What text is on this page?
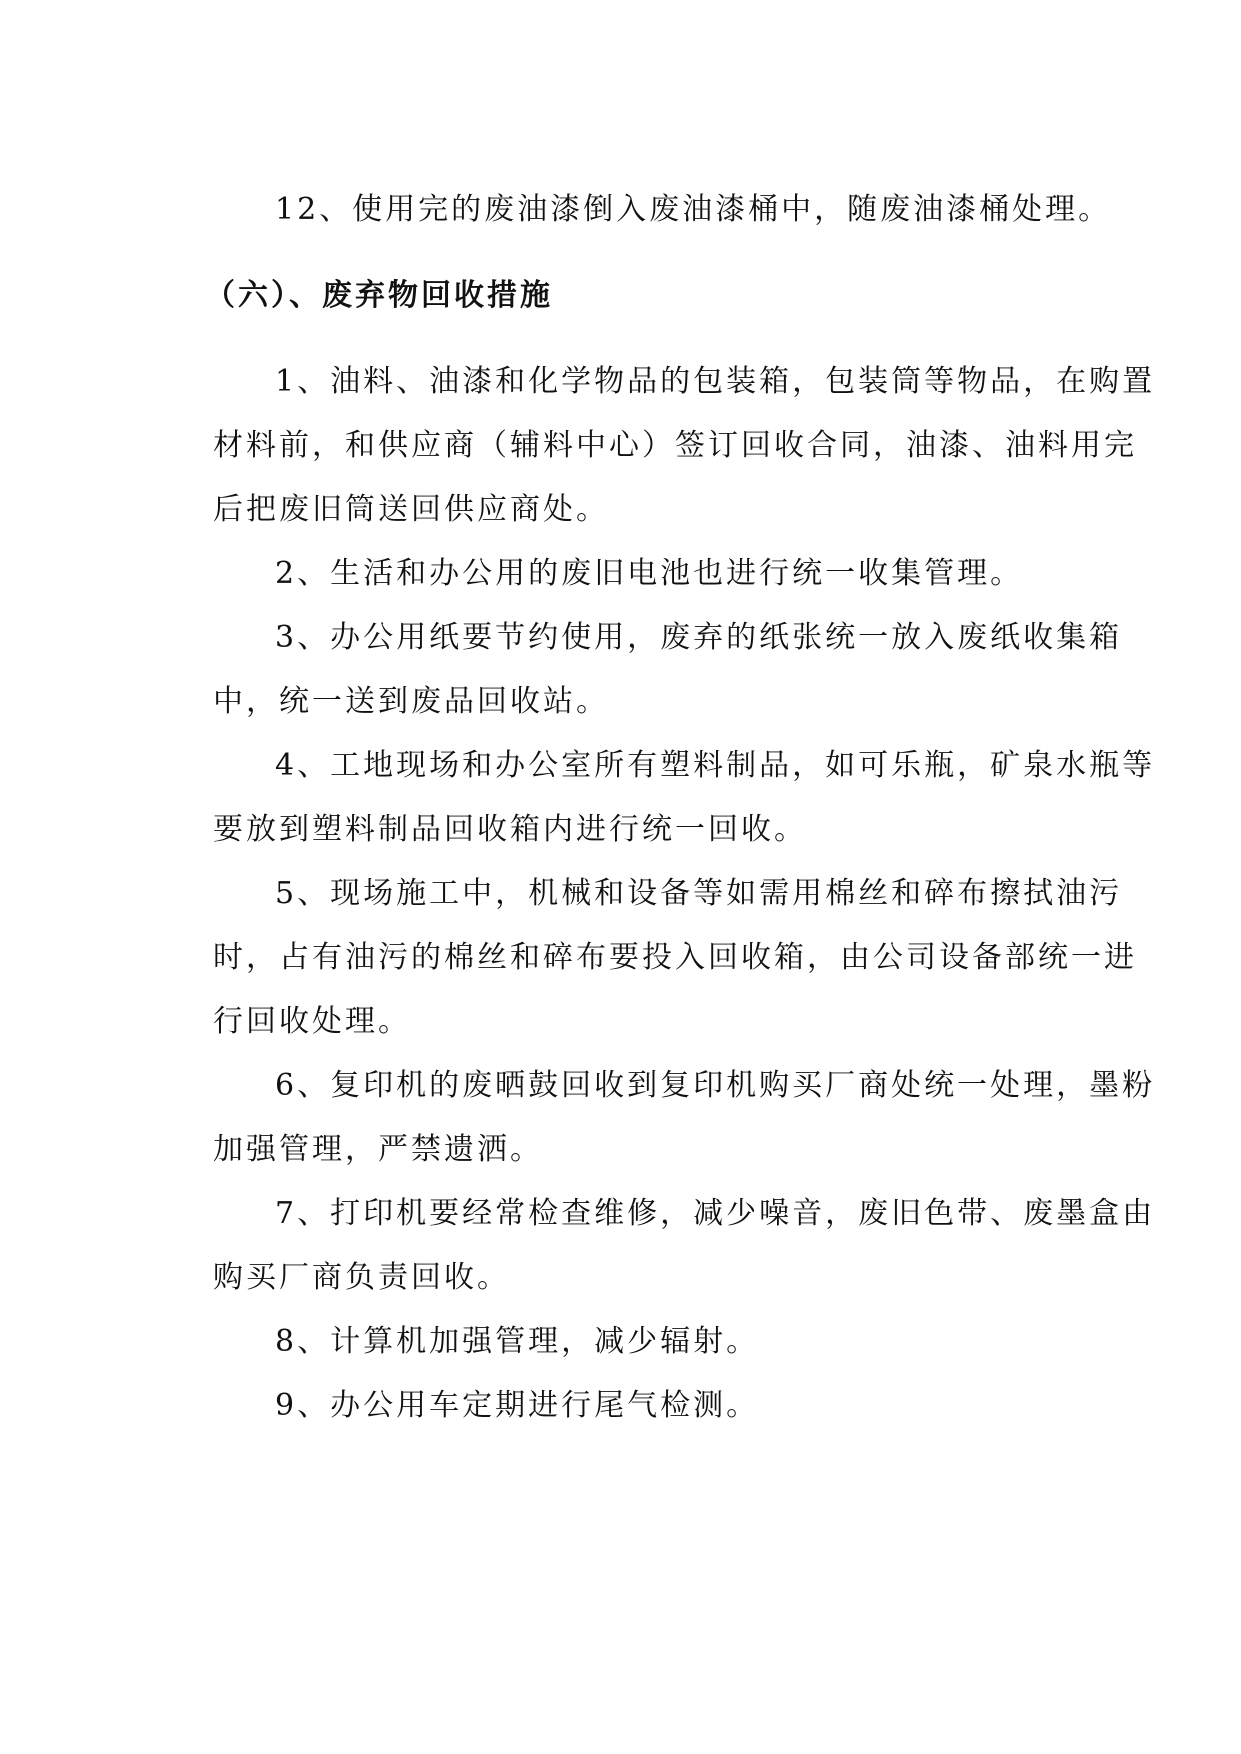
12、使用完的废油漆倒入废油漆桶中，随废油漆桶处理。
（六）、废弃物回收措施
1、油料、油漆和化学物品的包装箱，包装筒等物品，在购置
材料前，和供应商（辅料中心）签订回收合同，油漆、油料用完
后把废旧筒送回供应商处。
2、生活和办公用的废旧电池也进行统一收集管理。
3、办公用纸要节约使用，废弃的纸张统一放入废纸收集箱
中，统一送到废品回收站。
4、工地现场和办公室所有塑料制品，如可乐瓶，矿泉水瓶等
要放到塑料制品回收箱内进行统一回收。
5、现场施工中，机械和设备等如需用棉丝和碎布擦拭油污
时，占有油污的棉丝和碎布要投入回收箱，由公司设备部统一进
行回收处理。
6、复印机的废晒鼓回收到复印机购买厂商处统一处理，墨粉
加强管理，严禁遗洒。
7、打印机要经常检查维修，减少噪音，废旧色带、废墨盒由
购买厂商负责回收。
8、计算机加强管理，减少辐射。
9、办公用车定期进行尾气检测。
